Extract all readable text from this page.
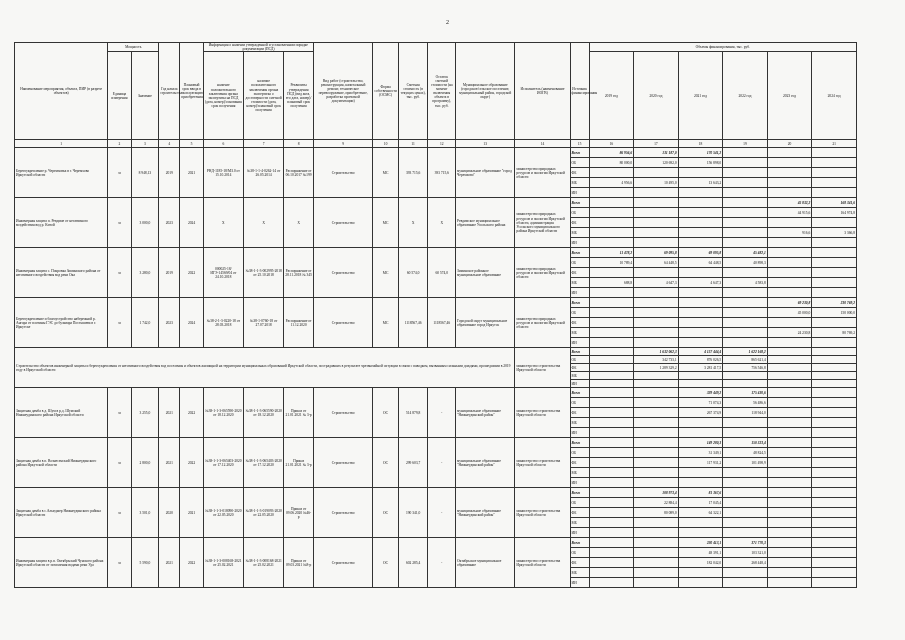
2
Наименование мероприятия, объекта, ПИР (в разрезе объектов)	Мощность		Год начала строительства	Плановый срок ввода в эксплуатацию/приобретения	Информация о наличии утвержденной и установленном порядке документации (ПСД)			Вид работ (строительство, реконструкция, капитальный ремонт, техническое перевооружение, приобретение, разработка проектной документации)	Форма собственности (ОСМС)	Сметная стоимость (в текущих ценах), тыс. руб.	Остаток сметной стоимости (на момент включения объекта в программу), тыс. руб.	Муниципальное образование (городское/сельское поселение, муниципальный район, городской округ)	Исполнитель (наименование ИОГВ)	Источник финансирования	Объемы финансирования, тыс. руб.					
	Единица измерения	Значение			наличие положительного заключения органа экспертизы на ПСД (дата, номер)/основания срок получения	наличие положительного заключения органа экспертизы о достоверности сметной стоимости (дата, номер)/плановый срок получения	Реквизиты утверждения ПСД (вид акта, его дата, номер)/плановый срок получения								2019 год	2020 год	2021 год	2022 год	2023 год	2024 год
1	2	3	4	5	6	7	8	9	10	11	12	13	14	15	16	17	18	19	20	21
Берегоукрепление р. Черемховка в г. Черемхово Иркутской области	м	8 948,13	2019	2021	РНД-1185-18/МЗ.0 от 15.10.2014	№38-1-1-4-0262-14 от 26.05.2014	Распоряжение от 06.10.2017 №199	Строительство	МС	393 715,6	393 715,6	муниципальное образование "город Черемхово"	министерство природных ресурсов и экологии Иркутской области	Всего	86 956,6	131 187,0	170 541,2			
														ОБ	80 000,0	120 692,0	156 898,0			
														ФБ						
														МБ	4 956,6	10 495,0	13 643,2			
														ИИ						
Инженерная защита п. Ревдиме от негативного воздействия вод р. Китой	м	3 000,0	2023	2024	Х	Х	Х	Строительство	МС	Х	Х	Ревдимское муниципальное образование Усольского района	министерство природных ресурсов и экологии Иркутской области, администрация Усольского муниципального района Иркутской области	Всего					45 832,2	168 341,6
														ОБ					44 915,6	164 974,8
														ФБ						
														МБ					916,6	3 366,8
														ИИ						
Инженерная защита с. Покровка Зиминского района от негативного воздействия вод реки Ока	м	3 280,0	2019	2022	000025-18/ИГЭ-14569/04 от 24.10.2018	№38-1-1-3-002995-2018 от 25.10.2018	Распоряжение от 28.11.2018 № 345	Строительство	МС	60 574,0	60 574,0	Зиминское районное муниципальное образование	министерство природных ресурсов и экологии Иркутской области	Всего	11 478,2	69 095,8	69 095,8	45 482,1		
														ОБ	10 789,4	64 448,5	64 448,5	40 898,3		
														ФБ						
														МБ	688,8	4 647,3	4 647,3	4 583,8		
														ИИ						
Берегоукрепление и благоустройство набережной р. Ангара от плотины ГЭС до бульвара Постышева в г. Иркутске	м	1 742,0	2023	2024	№38-2-1-3-0220-18 от 28.03.2018	№38-1-0760-18 от 27.07.2018	Распоряжение от 11.12.2020	Строительство	МС	1118567,46	1118567,46	Городской округ муниципальное образование город Иркутск	министерство природных ресурсов и экологии Иркутской области	Всего					69 230,8	230 769,2
														ОБ					45 000,0	150 000,0
														ФБ						
														МБ					24 230,8	80 769,2
														ИИ						
Строительство объектов инженерной защиты и берегоукрепления от негативного воздействия вод поселения и объектов жилищной на территории муниципальных образований Иркутской области, пострадавших в результате чрезвычайной ситуации в связи с паводком, вызванным сильными дождями, прошедшими в 2019 году в Иркутской области													министерство строительства Иркутской области	Всего		1 632 062,3	4 157 444,4	1 622 168,2		
														ОБ		342 733,1	876 026,5	865 621,4		
														ФБ		1 289 329,2	3 281 417,5	756 546,8		
														МБ						
														ИИ						
Защитная дамба в д. Шум в р.д. Шумский Нижнеудинского района Иркутской области	м	3 255,0	2021	2022	№38-1-1-3-065590-2020 от 18.12.2020	№38-1-1-3-065590-2020 от 18.12.2020	Приказ от 21.01.2021 № 3-р	Строительство	ОС	514 879,8	-	муниципальное образование "Нижнеудинский район"	министерство строительства Иркутской области	Всего			339 449,2	175 430,6		
														ОБ			71 074,3	56 486,6		
														ФБ			267 374,9	118 944,0		
														МБ						
														ИИ						
Защитная дамба в п. Вознесенский Нижнеудинского района Иркутской области	м	2 800,0	2021	2022	№38-1-1-3-065403-2020 от 17.12.2020	№38-1-1-3-065403-2020 от 17.12.2020	Приказ 21.01.2021 № 3-р	Строительство	ОС	299 603,7	-	муниципальное образование "Нижнеудинский район"	министерство строительства Иркутской области	Всего			149 280,3	150 323,4		
														ОБ			31 349,1	48 824,5		
														ФБ			117 931,2	101 498,9		
														МБ						
														ИИ						
Защитная дамба в с.Алыгджер Нижнеудинского района Иркутской области	м	3 501,0	2020	2021	№38-1-1-3-018090-2020 от 22.05.2020	№38-1-1-3-019093-2020 от 22.05.2020	Приказ от 09.06.2020 №46-р	Строительство	ОС	190 341,0	-	муниципальное образование "Нижнеудинский район"	министерство строительства Иркутской области	Всего		108 973,4	81 367,6			
														ОБ		22 884,4	17 045,4			
														ФБ		80 089,0	64 322,1			
														МБ						
														ИИ						
Инженерная защита в р.п. Октябрьский Чунского района Иркутской области от затопления водами реки Уда	м	5 590,0	2021	2022	№38-1-1-3-008168-2021 от 25.02.2021	№38-1-1-3-008168-2021 от 25.02.2021	Приказ от 09.03.2021 №8-р	Строительство	ОС	602 285,4	-	Октябрьское муниципальное образование	министерство строительства Иркутской области	Всего			230 413,1	371 770,3		
														ОБ			48 391,1	103 321,0		
														ФБ			182 042,0	268 448,4		
														МБ						
														ИИ						
